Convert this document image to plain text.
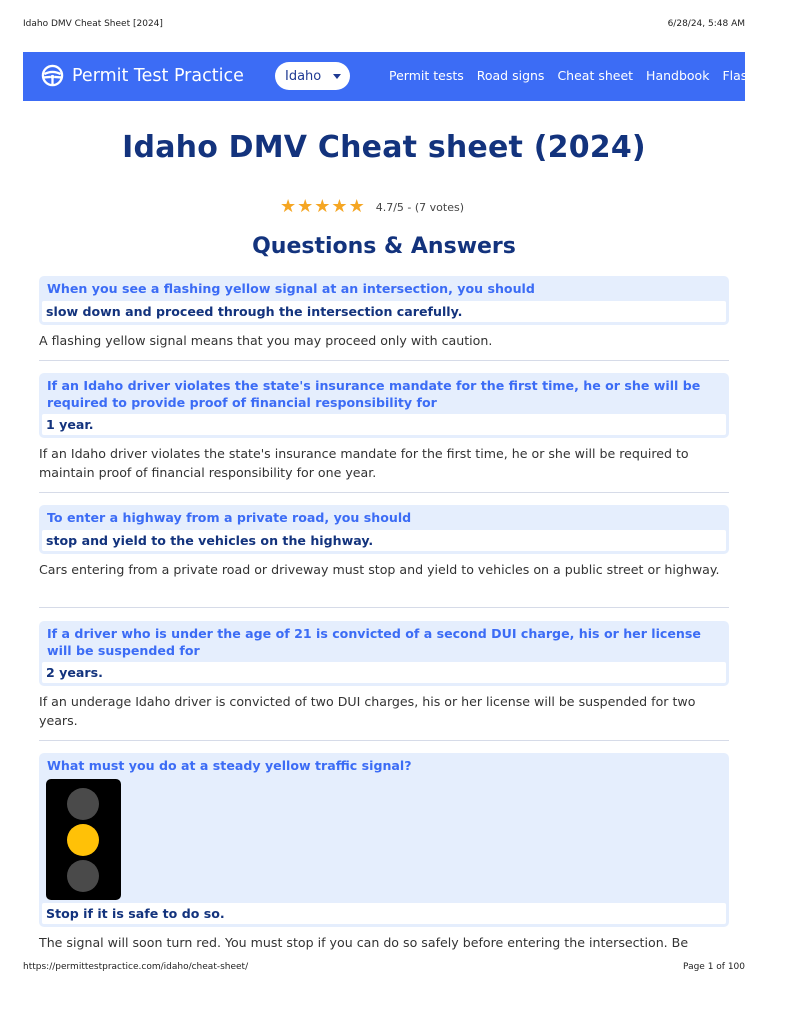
Idaho DMV Cheat Sheet [2024]	6/28/24, 5:48 AM
Permit Test Practice	Idaho	Permit tests Road signs Cheat sheet Handbook Flash cards
Idaho DMV Cheat sheet (2024)
★ ★ ★ ★ ★ 4.7/5 - (7 votes)
Questions & Answers
When you see a flashing yellow signal at an intersection, you should
slow down and proceed through the intersection carefully.
A flashing yellow signal means that you may proceed only with caution.
If an Idaho driver violates the state's insurance mandate for the first time, he or she will be required to provide proof of financial responsibility for
1 year.
If an Idaho driver violates the state's insurance mandate for the first time, he or she will be required to maintain proof of financial responsibility for one year.
To enter a highway from a private road, you should
stop and yield to the vehicles on the highway.
Cars entering from a private road or driveway must stop and yield to vehicles on a public street or highway.
If a driver who is under the age of 21 is convicted of a second DUI charge, his or her license will be suspended for
2 years.
If an underage Idaho driver is convicted of two DUI charges, his or her license will be suspended for two years.
What must you do at a steady yellow traffic signal?
Stop if it is safe to do so.
The signal will soon turn red. You must stop if you can do so safely before entering the intersection. Be
https://permittestpractice.com/idaho/cheat-sheet/	Page 1 of 100
